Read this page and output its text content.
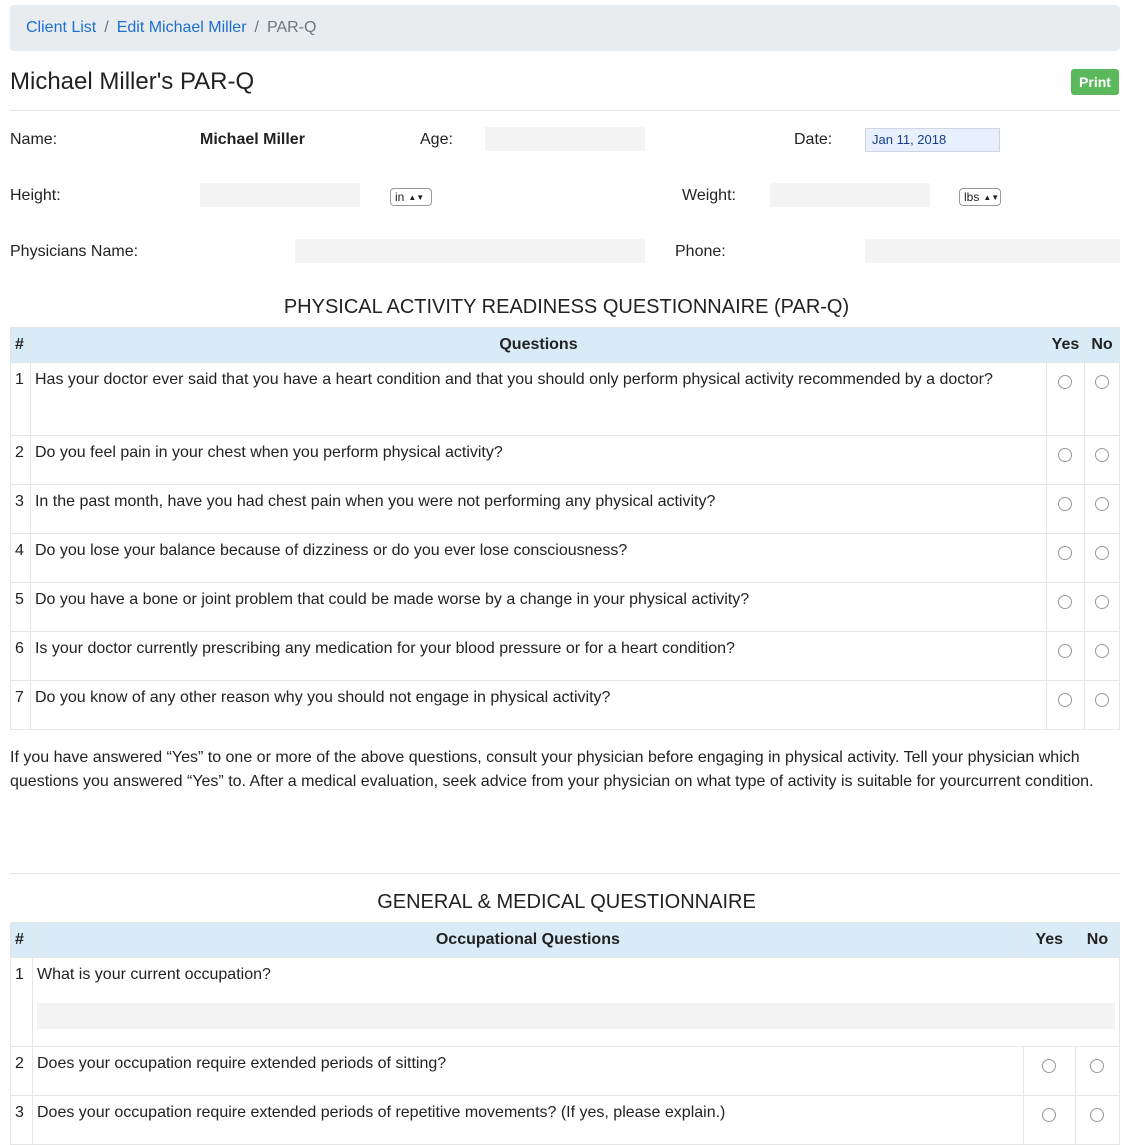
Client List / Edit Michael Miller / PAR-Q
Michael Miller's PAR-Q	Print
Name:	Michael Miller	Age:	Date:	Jan 11, 2018
Height:	in ▲▼	Weight:	lbs ▲▼
Physicians Name:	Phone:
PHYSICAL ACTIVITY READINESS QUESTIONNAIRE (PAR-Q)
#	Questions	Yes	No
1	Has your doctor ever said that you have a heart condition and that you should only perform physical activity recommended by a doctor?		
2	Do you feel pain in your chest when you perform physical activity?		
3	In the past month, have you had chest pain when you were not performing any physical activity?		
4	Do you lose your balance because of dizziness or do you ever lose consciousness?		
5	Do you have a bone or joint problem that could be made worse by a change in your physical activity?		
6	Is your doctor currently prescribing any medication for your blood pressure or for a heart condition?		
7	Do you know of any other reason why you should not engage in physical activity?		
If you have answered “Yes” to one or more of the above questions, consult your physician before engaging in physical activity. Tell your physician which questions you answered “Yes” to. After a medical evaluation, seek advice from your physician on what type of activity is suitable for yourcurrent condition.
GENERAL & MEDICAL QUESTIONNAIRE
#	Occupational Questions	Yes	No
1	What is your current occupation?		

2	Does your occupation require extended periods of sitting?		
3	Does your occupation require extended periods of repetitive movements? (If yes, please explain.)		
